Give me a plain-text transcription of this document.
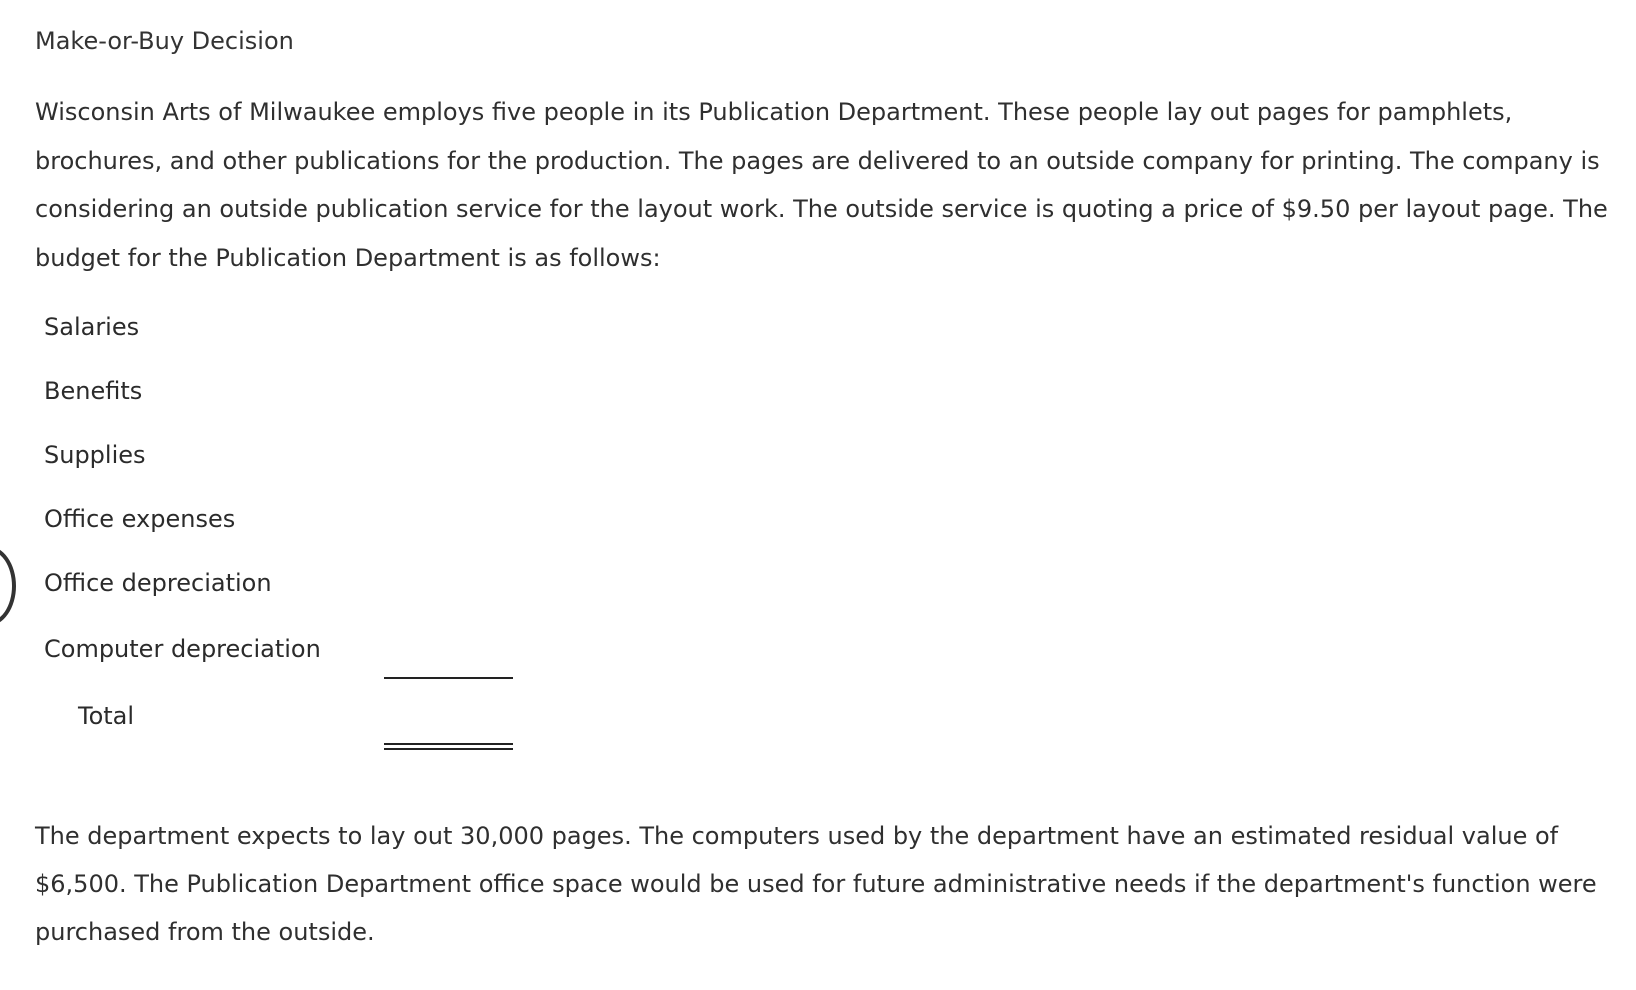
Make-or-Buy Decision

Wisconsin Arts of Milwaukee employs five people in its Publication Department. These people lay out pages for pamphlets, brochures, and other publications for the production. The pages are delivered to an outside company for printing. The company is considering an outside publication service for the layout work. The outside service is quoting a price of $9.50 per layout page. The budget for the Publication Department is as follows:

Salaries
Benefits
Supplies
Office expenses
Office depreciation
Computer depreciation
Total

The department expects to lay out 30,000 pages. The computers used by the department have an estimated residual value of $6,500. The Publication Department office space would be used for future administrative needs if the department's function were purchased from the outside.
